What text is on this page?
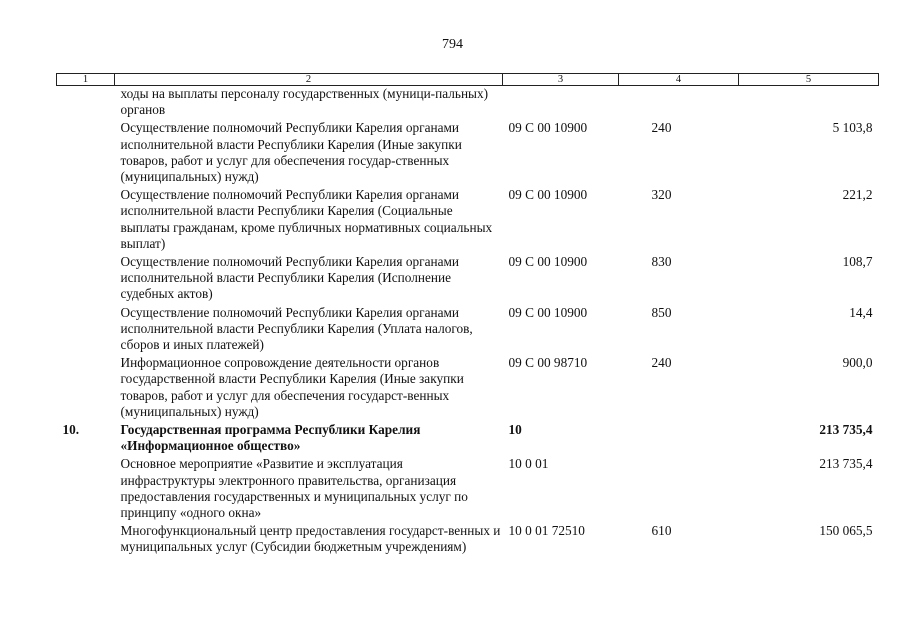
794
1	2	3	4	5
	ходы на выплаты персоналу государственных (муници-пальных) органов			
	Осуществление полномочий Республики Карелия органами исполнительной власти Республики Карелия (Иные закупки товаров, работ и услуг для обеспечения государ-ственных (муниципальных) нужд)	09 С 00 10900	240	5 103,8
	Осуществление полномочий Республики Карелия органами исполнительной власти Республики Карелия (Социальные выплаты гражданам, кроме публичных нормативных социальных выплат)	09 С 00 10900	320	221,2
	Осуществление полномочий Республики Карелия органами исполнительной власти Республики Карелия (Исполнение судебных актов)	09 С 00 10900	830	108,7
	Осуществление полномочий Республики Карелия органами исполнительной власти Республики Карелия (Уплата налогов, сборов и иных платежей)	09 С 00 10900	850	14,4
	Информационное сопровождение деятельности органов государственной власти Республики Карелия (Иные закупки товаров, работ и услуг для обеспечения государст-венных (муниципальных) нужд)	09 С 00 98710	240	900,0
10.	Государственная программа Республики Карелия «Информационное общество»	10		213 735,4
	Основное мероприятие «Развитие и эксплуатация инфраструктуры электронного правительства, организация предоставления государственных и муниципальных услуг по принципу «одного окна»	10 0 01		213 735,4
	Многофункциональный центр предоставления государст-венных и муниципальных услуг (Субсидии бюджетным учреждениям)	10 0 01 72510	610	150 065,5
